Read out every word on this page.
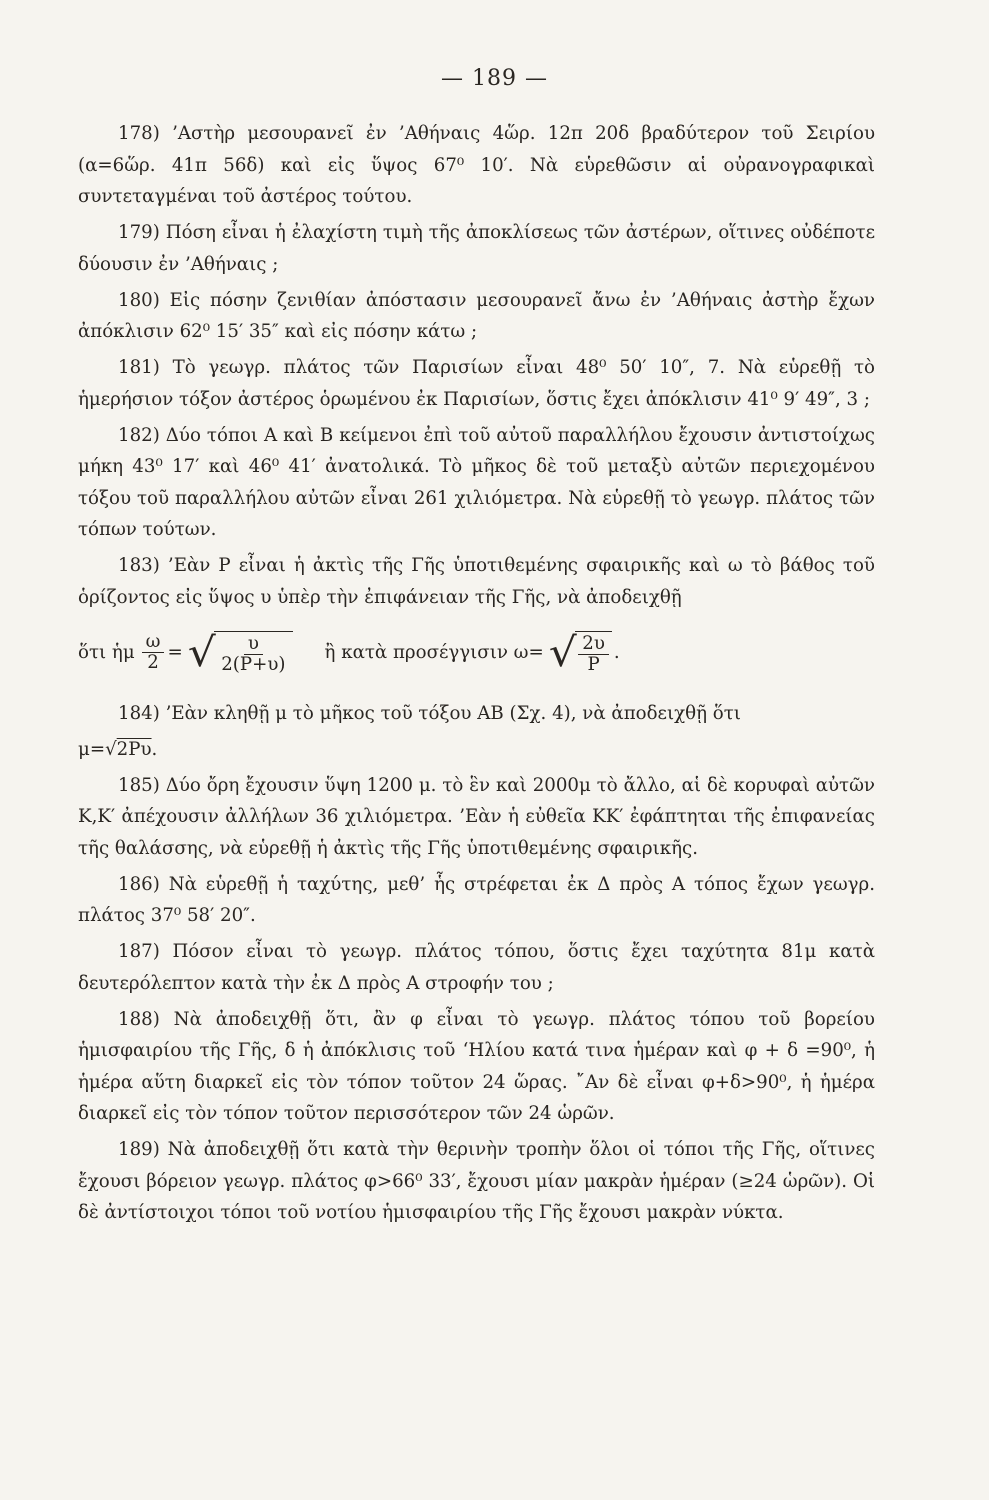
— 189 —

178) ’Αστὴρ μεσουρανεῖ ἐν ’Αθήναις 4ὥρ. 12π 20δ βραδύτερον τοῦ Σειρίου (α=6ὥρ. 41π 56δ) καὶ εἰς ὕψος 67⁰ 10′. Νὰ εὑρεθῶσιν αἱ οὐρανογραφικαὶ συντεταγμέναι τοῦ ἀστέρος τούτου.

179) Πόση εἶναι ἡ ἐλαχίστη τιμὴ τῆς ἀποκλίσεως τῶν ἀστέρων, οἵτινες οὐδέποτε δύουσιν ἐν ’Αθήναις ;

180) Εἰς πόσην ζενιθίαν ἀπόστασιν μεσουρανεῖ ἄνω ἐν ’Αθήναις ἀστὴρ ἔχων ἀπόκλισιν 62⁰ 15′ 35″ καὶ εἰς πόσην κάτω ;

181) Τὸ γεωγρ. πλάτος τῶν Παρισίων εἶναι 48⁰ 50′ 10″, 7. Νὰ εὑρεθῇ τὸ ἡμερήσιον τόξον ἀστέρος ὁρωμένου ἐκ Παρισίων, ὅστις ἔχει ἀπόκλισιν 41⁰ 9′ 49″, 3 ;

182) Δύο τόποι Α καὶ Β κείμενοι ἐπὶ τοῦ αὐτοῦ παραλλήλου ἔχουσιν ἀντιστοίχως μήκη 43⁰ 17′ καὶ 46⁰ 41′ ἀνατολικά. Τὸ μῆκος δὲ τοῦ μεταξὺ αὐτῶν περιεχομένου τόξου τοῦ παραλλήλου αὐτῶν εἶναι 261 χιλιόμετρα. Νὰ εὑρεθῇ τὸ γεωγρ. πλάτος τῶν τόπων τούτων.

183) ’Εὰν Ρ εἶναι ἡ ἀκτὶς τῆς Γῆς ὑποτιθεμένης σφαιρικῆς καὶ ω τὸ βάθος τοῦ ὁρίζοντος εἰς ὕψος υ ὑπὲρ τὴν ἐπιφάνειαν τῆς Γῆς, νὰ ἀποδειχθῇ

ὅτι ἡμ $\frac{\omega}{2}$ = √ $\frac{\upsilon}{2(P+\upsilon)}$ ἢ κατὰ προσέγγισιν ω= √ $\frac{2\upsilon}{P}$ .

184) ’Εὰν κληθῇ μ τὸ μῆκος τοῦ τόξου ΑΒ (Σχ. 4), νὰ ἀποδειχθῇ ὅτι

μ=√2Ρυ.

185) Δύο ὄρη ἔχουσιν ὕψη 1200 μ. τὸ ἓν καὶ 2000μ τὸ ἄλλο, αἱ δὲ κορυφαὶ αὐτῶν Κ,Κ′ ἀπέχουσιν ἀλλήλων 36 χιλιόμετρα. ’Εὰν ἡ εὐθεῖα ΚΚ′ ἐφάπτηται τῆς ἐπιφανείας τῆς θαλάσσης, νὰ εὑρεθῇ ἡ ἀκτὶς τῆς Γῆς ὑποτιθεμένης σφαιρικῆς.

186) Νὰ εὑρεθῇ ἡ ταχύτης, μεθ’ ἧς στρέφεται ἐκ Δ πρὸς Α τόπος ἔχων γεωγρ. πλάτος 37⁰ 58′ 20″.

187) Πόσον εἶναι τὸ γεωγρ. πλάτος τόπου, ὅστις ἔχει ταχύτητα 81μ κατὰ δευτερόλεπτον κατὰ τὴν ἐκ Δ πρὸς Α στροφήν του ;

188) Νὰ ἀποδειχθῇ ὅτι, ἂν φ εἶναι τὸ γεωγρ. πλάτος τόπου τοῦ βορείου ἡμισφαιρίου τῆς Γῆς, δ ἡ ἀπόκλισις τοῦ ‘Ηλίου κατά τινα ἡμέραν καὶ φ + δ =90⁰, ἡ ἡμέρα αὕτη διαρκεῖ εἰς τὸν τόπον τοῦτον 24 ὥρας. ῎Αν δὲ εἶναι φ+δ>90⁰, ἡ ἡμέρα διαρκεῖ εἰς τὸν τόπον τοῦτον περισσότερον τῶν 24 ὡρῶν.

189) Νὰ ἀποδειχθῇ ὅτι κατὰ τὴν θερινὴν τροπὴν ὅλοι οἱ τόποι τῆς Γῆς, οἵτινες ἔχουσι βόρειον γεωγρ. πλάτος φ>66⁰ 33′, ἔχουσι μίαν μακρὰν ἡμέραν (≥24 ὡρῶν). Οἱ δὲ ἀντίστοιχοι τόποι τοῦ νοτίου ἡμισφαιρίου τῆς Γῆς ἔχουσι μακρὰν νύκτα.
